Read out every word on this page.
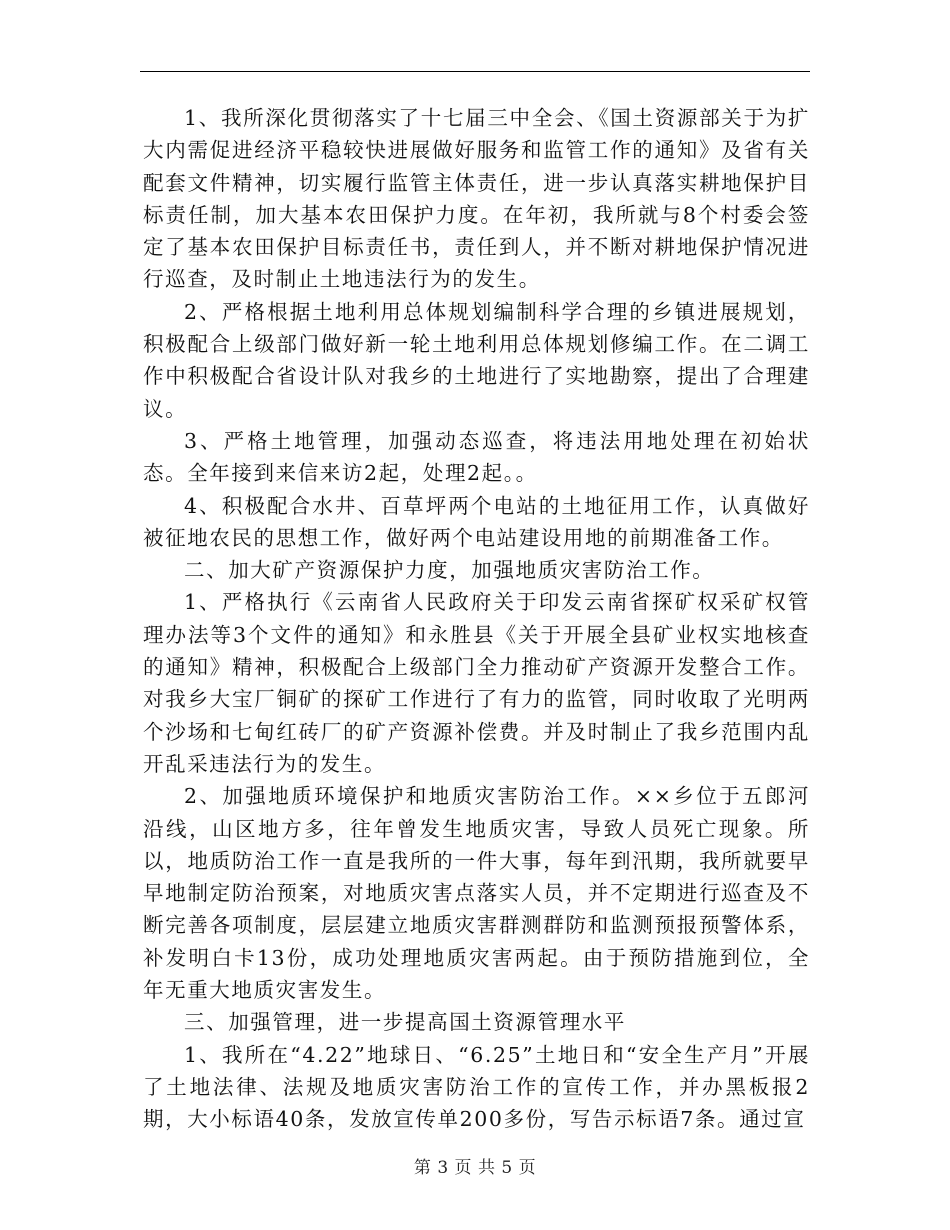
1、我所深化贯彻落实了十七届三中全会、《国土资源部关于为扩大内需促进经济平稳较快进展做好服务和监管工作的通知》及省有关配套文件精神，切实履行监管主体责任，进一步认真落实耕地保护目标责任制，加大基本农田保护力度。在年初，我所就与8个村委会签定了基本农田保护目标责任书，责任到人，并不断对耕地保护情况进行巡查，及时制止土地违法行为的发生。

2、严格根据土地利用总体规划编制科学合理的乡镇进展规划，积极配合上级部门做好新一轮土地利用总体规划修编工作。在二调工作中积极配合省设计队对我乡的土地进行了实地勘察，提出了合理建议。

3、严格土地管理，加强动态巡查，将违法用地处理在初始状态。全年接到来信来访2起，处理2起。。

4、积极配合水井、百草坪两个电站的土地征用工作，认真做好被征地农民的思想工作，做好两个电站建设用地的前期准备工作。

二、加大矿产资源保护力度，加强地质灾害防治工作。

1、严格执行《云南省人民政府关于印发云南省探矿权采矿权管理办法等3个文件的通知》和永胜县《关于开展全县矿业权实地核查的通知》精神，积极配合上级部门全力推动矿产资源开发整合工作。对我乡大宝厂铜矿的探矿工作进行了有力的监管，同时收取了光明两个沙场和七甸红砖厂的矿产资源补偿费。并及时制止了我乡范围内乱开乱采违法行为的发生。

2、加强地质环境保护和地质灾害防治工作。××乡位于五郎河沿线，山区地方多，往年曾发生地质灾害，导致人员死亡现象。所以，地质防治工作一直是我所的一件大事，每年到汛期，我所就要早早地制定防治预案，对地质灾害点落实人员，并不定期进行巡查及不断完善各项制度，层层建立地质灾害群测群防和监测预报预警体系，补发明白卡13份，成功处理地质灾害两起。由于预防措施到位，全年无重大地质灾害发生。

三、加强管理，进一步提高国土资源管理水平

1、我所在“4.22”地球日、“6.25”土地日和“安全生产月”开展了土地法律、法规及地质灾害防治工作的宣传工作，并办黑板报2期，大小标语40条，发放宣传单200多份，写告示标语7条。通过宣

第 3 页 共 5 页
